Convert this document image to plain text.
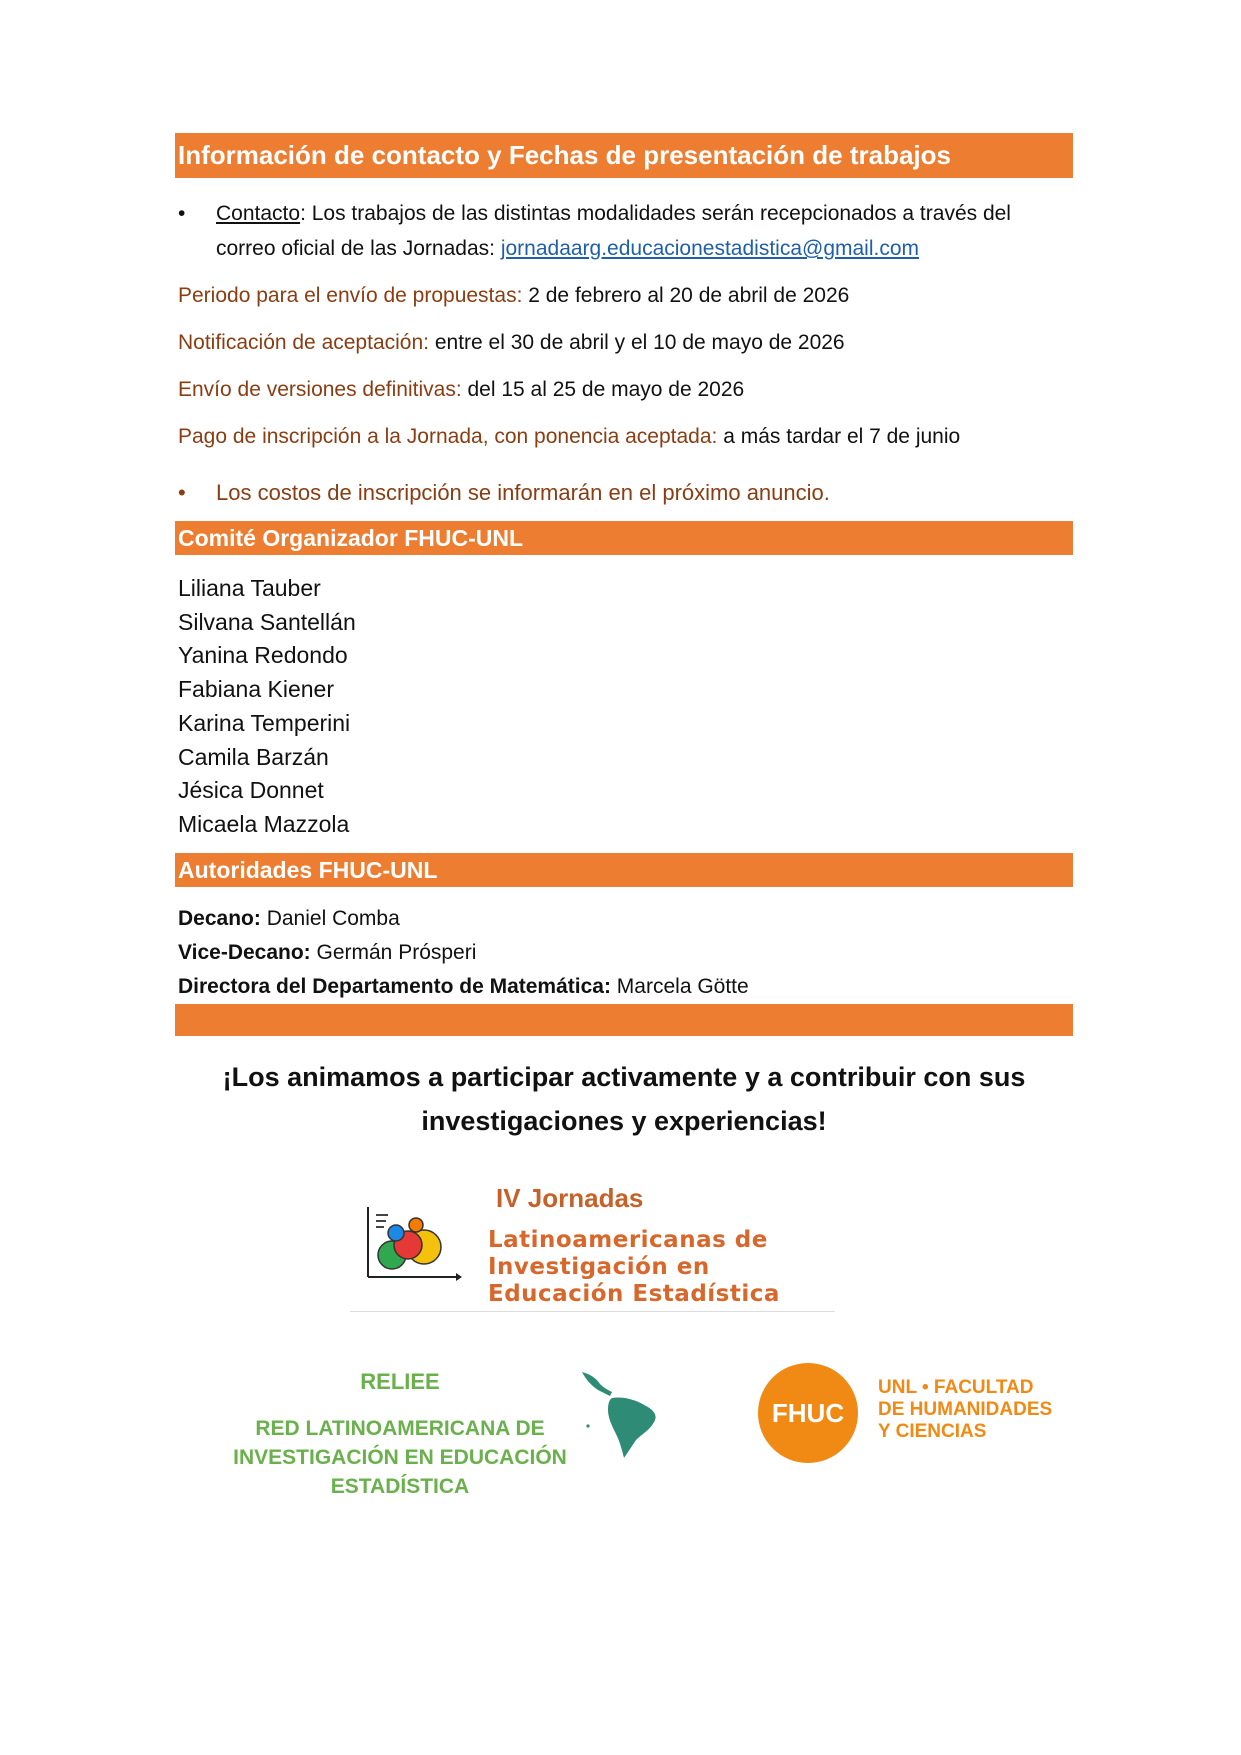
Información de contacto y Fechas de presentación de trabajos
• Contacto: Los trabajos de las distintas modalidades serán recepcionados a través del correo oficial de las Jornadas: jornadaarg.educacionestadistica@gmail.com
Periodo para el envío de propuestas: 2 de febrero al 20 de abril de 2026
Notificación de aceptación: entre el 30 de abril y el 10 de mayo de 2026
Envío de versiones definitivas: del 15 al 25 de mayo de 2026
Pago de inscripción a la Jornada, con ponencia aceptada: a más tardar el 7 de junio
• Los costos de inscripción se informarán en el próximo anuncio.
Comité Organizador FHUC-UNL
Liliana Tauber
Silvana Santellán
Yanina Redondo
Fabiana Kiener
Karina Temperini
Camila Barzán
Jésica Donnet
Micaela Mazzola
Autoridades FHUC-UNL
Decano: Daniel Comba
Vice-Decano: Germán Prósperi
Directora del Departamento de Matemática: Marcela Götte
¡Los animamos a participar activamente y a contribuir con sus
investigaciones y experiencias!
IV Jornadas
Latinoamericanas de
Investigación en
Educación Estadística
RELIEE
RED LATINOAMERICANA DE
INVESTIGACIÓN EN EDUCACIÓN
ESTADÍSTICA
FHUC
UNL • FACULTAD
DE HUMANIDADES
Y CIENCIAS
